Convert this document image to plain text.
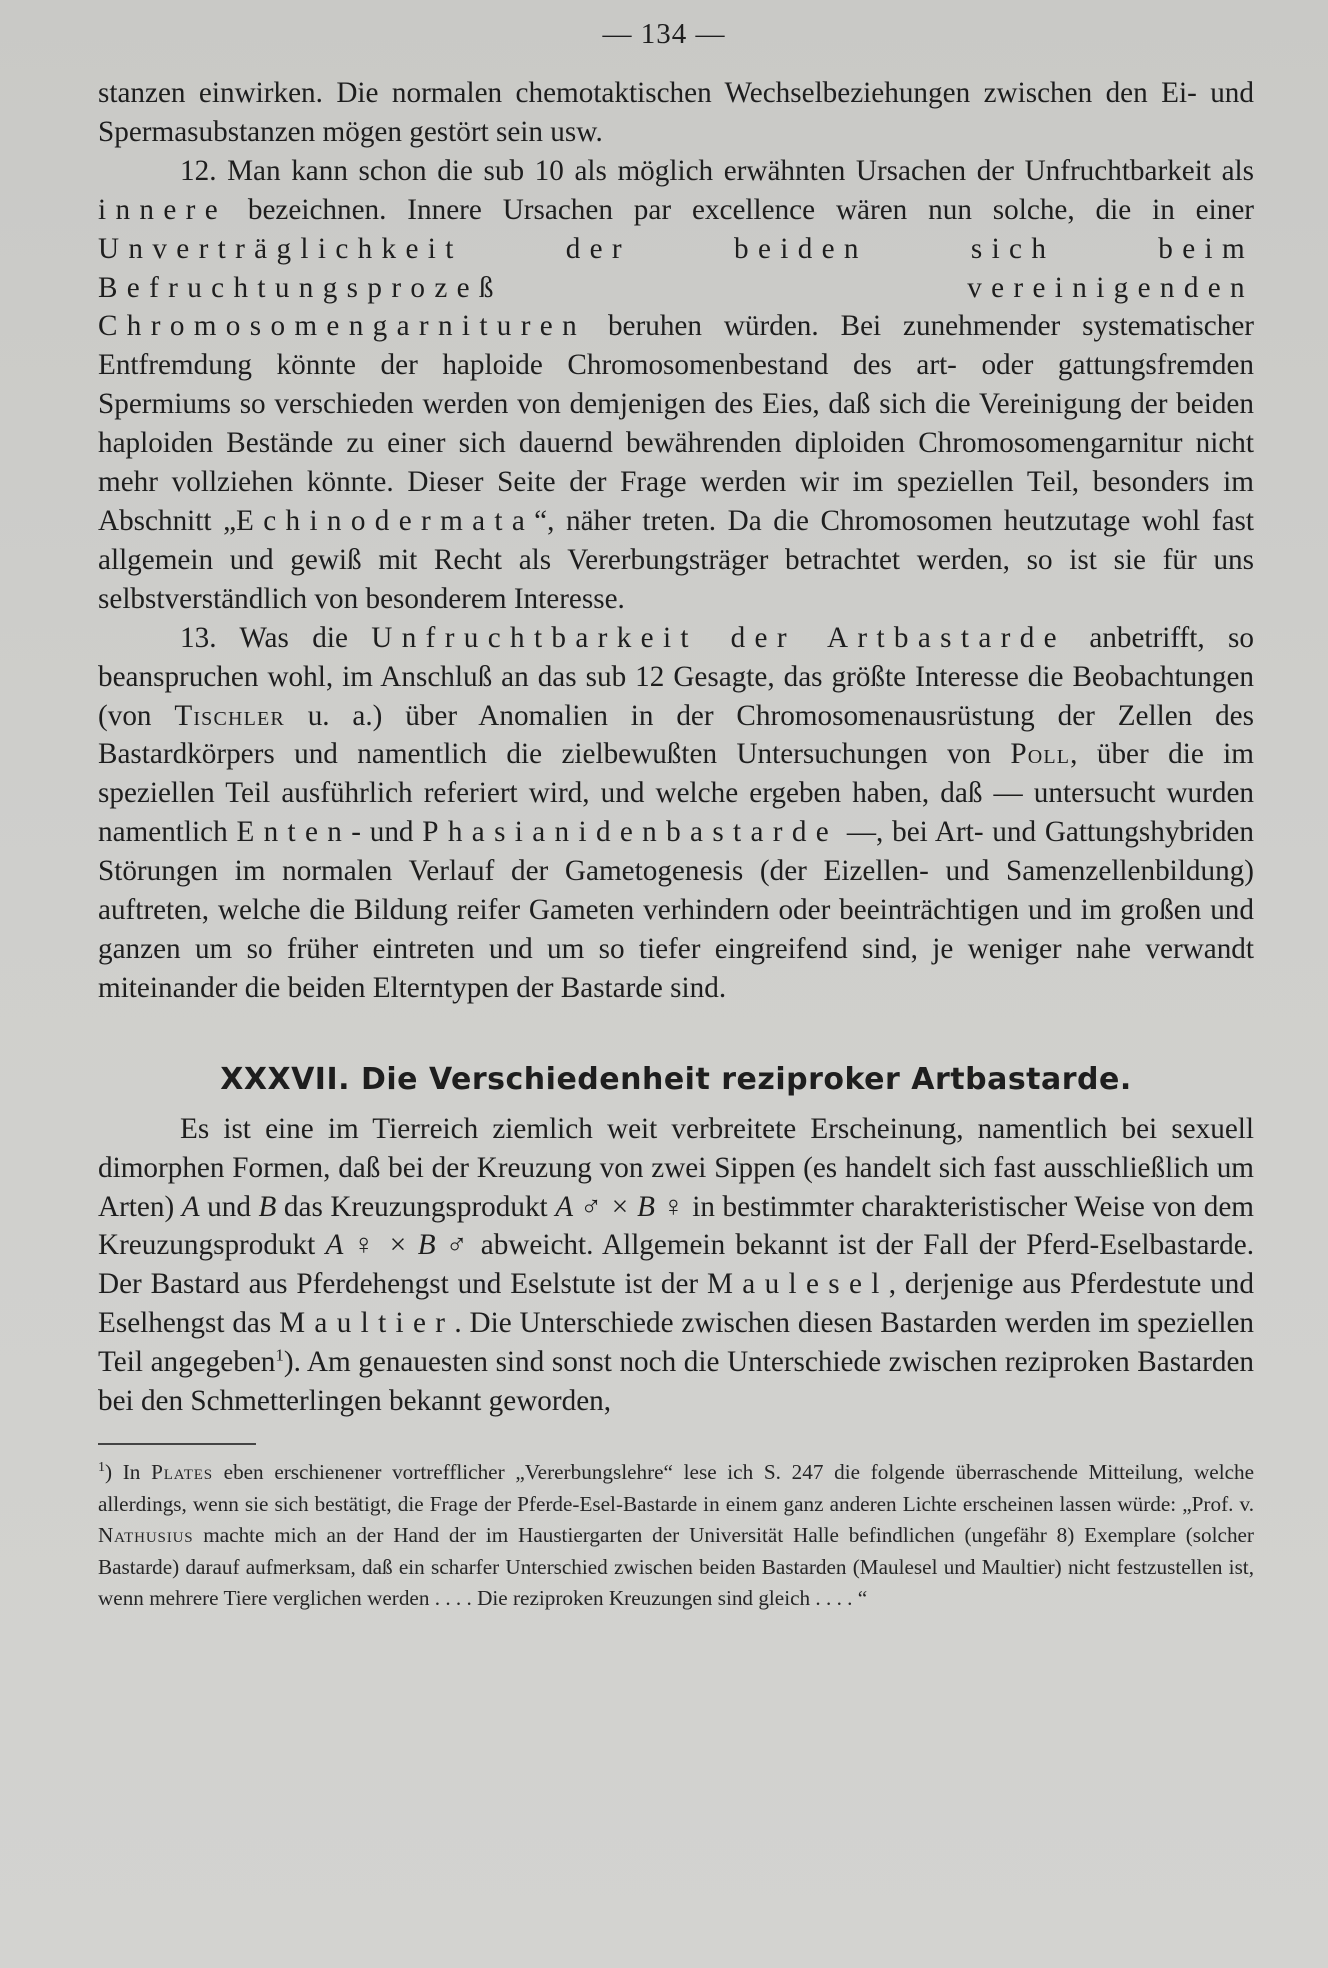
— 134 —

stanzen einwirken. Die normalen chemotaktischen Wechselbeziehungen zwischen den Ei- und Spermasubstanzen mögen gestört sein usw.

12. Man kann schon die sub 10 als möglich erwähnten Ursachen der Unfruchtbarkeit als innere bezeichnen. Innere Ursachen par excellence wären nun solche, die in einer Unverträglichkeit der beiden sich beim Befruchtungsprozeß vereinigenden Chromosomengarnituren beruhen würden. Bei zunehmender systematischer Entfremdung könnte der haploide Chromosomenbestand des art- oder gattungsfremden Spermiums so verschieden werden von demjenigen des Eies, daß sich die Vereinigung der beiden haploiden Bestände zu einer sich dauernd bewährenden diploiden Chromosomengarnitur nicht mehr vollziehen könnte. Dieser Seite der Frage werden wir im speziellen Teil, besonders im Abschnitt „Echinodermata“, näher treten. Da die Chromosomen heutzutage wohl fast allgemein und gewiß mit Recht als Vererbungsträger betrachtet werden, so ist sie für uns selbstverständlich von besonderem Interesse.

13. Was die Unfruchtbarkeit der Artbastarde anbetrifft, so beanspruchen wohl, im Anschluß an das sub 12 Gesagte, das größte Interesse die Beobachtungen (von Tischler u. a.) über Anomalien in der Chromosomenausrüstung der Zellen des Bastardkörpers und namentlich die zielbewußten Untersuchungen von Poll, über die im speziellen Teil ausführlich referiert wird, und welche ergeben haben, daß — untersucht wurden namentlich Enten- und Phasianidenbastarde —, bei Art- und Gattungshybriden Störungen im normalen Verlauf der Gametogenesis (der Eizellen- und Samenzellenbildung) auftreten, welche die Bildung reifer Gameten verhindern oder beeinträchtigen und im großen und ganzen um so früher eintreten und um so tiefer eingreifend sind, je weniger nahe verwandt miteinander die beiden Elterntypen der Bastarde sind.

XXXVII. Die Verschiedenheit reziproker Artbastarde.

Es ist eine im Tierreich ziemlich weit verbreitete Erscheinung, namentlich bei sexuell dimorphen Formen, daß bei der Kreuzung von zwei Sippen (es handelt sich fast ausschließlich um Arten) A und B das Kreuzungsprodukt A ♂ × B ♀ in bestimmter charakteristischer Weise von dem Kreuzungsprodukt A ♀ × B ♂ abweicht. Allgemein bekannt ist der Fall der Pferd-Eselbastarde. Der Bastard aus Pferdehengst und Eselstute ist der Maulesel, derjenige aus Pferdestute und Eselhengst das Maultier. Die Unterschiede zwischen diesen Bastarden werden im speziellen Teil angegeben$^1$). Am genauesten sind sonst noch die Unterschiede zwischen reziproken Bastarden bei den Schmetterlingen bekannt geworden,

$^1$) In Plates eben erschienener vortrefflicher „Vererbungslehre“ lese ich S. 247 die folgende überraschende Mitteilung, welche allerdings, wenn sie sich bestätigt, die Frage der Pferde-Esel-Bastarde in einem ganz anderen Lichte erscheinen lassen würde: „Prof. v. Nathusius machte mich an der Hand der im Haustiergarten der Universität Halle befindlichen (ungefähr 8) Exemplare (solcher Bastarde) darauf aufmerksam, daß ein scharfer Unterschied zwischen beiden Bastarden (Maulesel und Maultier) nicht festzustellen ist, wenn mehrere Tiere verglichen werden . . . . Die reziproken Kreuzungen sind gleich . . . . “
